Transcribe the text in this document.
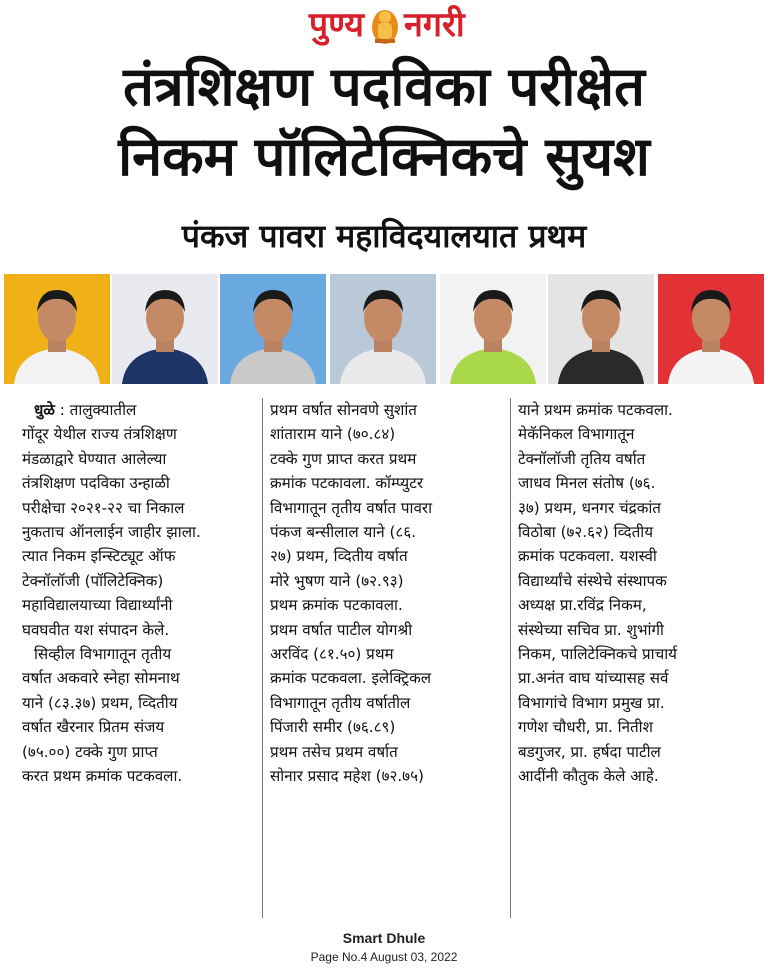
पुण्य नगरी
तंत्रशिक्षण पदविका परीक्षेत
निकम पॉलिटेक्निकचे सुयश
पंकज पावरा महाविदयालयात प्रथम
धुळे : तालुक्यातील
गोंदूर येथील राज्य तंत्रशिक्षण
मंडळाद्वारे घेण्यात आलेल्या
तंत्रशिक्षण पदविका उन्हाळी
परीक्षेचा २०२१-२२ चा निकाल
नुकताच ऑनलाईन जाहीर झाला.
त्यात निकम इन्स्टिट्यूट ऑफ
टेक्नॉलॉजी (पॉलिटेक्निक)
महाविद्यालयाच्या विद्यार्थ्यांनी
घवघवीत यश संपादन केले.
सिव्हील विभागातून तृतीय
वर्षात अकवारे स्नेहा सोमनाथ
याने (८३.३७) प्रथम, व्दितीय
वर्षात खैरनार प्रितम संजय
(७५.००) टक्के गुण प्राप्त
करत प्रथम क्रमांक पटकवला.
प्रथम वर्षात सोनवणे सुशांत
शांताराम याने (७०.८४)
टक्के गुण प्राप्त करत प्रथम
क्रमांक पटकावला. कॉम्प्युटर
विभागातून तृतीय वर्षात पावरा
पंकज बन्सीलाल याने (८६.
२७) प्रथम, व्दितीय वर्षात
मोरे भुषण याने (७२.९३)
प्रथम क्रमांक पटकावला.
प्रथम वर्षात पाटील योगश्री
अरविंद (८१.५०) प्रथम
क्रमांक पटकवला. इलेक्ट्रिकल
विभागातून तृतीय वर्षातील
पिंजारी समीर (७६.८९)
प्रथम तसेच प्रथम वर्षात
सोनार प्रसाद महेश (७२.७५)
याने प्रथम क्रमांक पटकवला.
मेकॅनिकल विभागातून
टेक्नॉलॉजी तृतिय वर्षात
जाधव मिनल संतोष (७६.
३७) प्रथम, धनगर चंद्रकांत
विठोबा (७२.६२) व्दितीय
क्रमांक पटकवला. यशस्वी
विद्यार्थ्यांचे संस्थेचे संस्थापक
अध्यक्ष प्रा.रविंद्र निकम,
संस्थेच्या सचिव प्रा. शुभांगी
निकम, पालिटेक्निकचे प्राचार्य
प्रा.अनंत वाघ यांच्यासह सर्व
विभागांचे विभाग प्रमुख प्रा.
गणेश चौधरी, प्रा. नितीश
बडगुजर, प्रा. हर्षदा पाटील
आदींनी कौतुक केले आहे.
Smart Dhule
Page No.4 August 03, 2022
